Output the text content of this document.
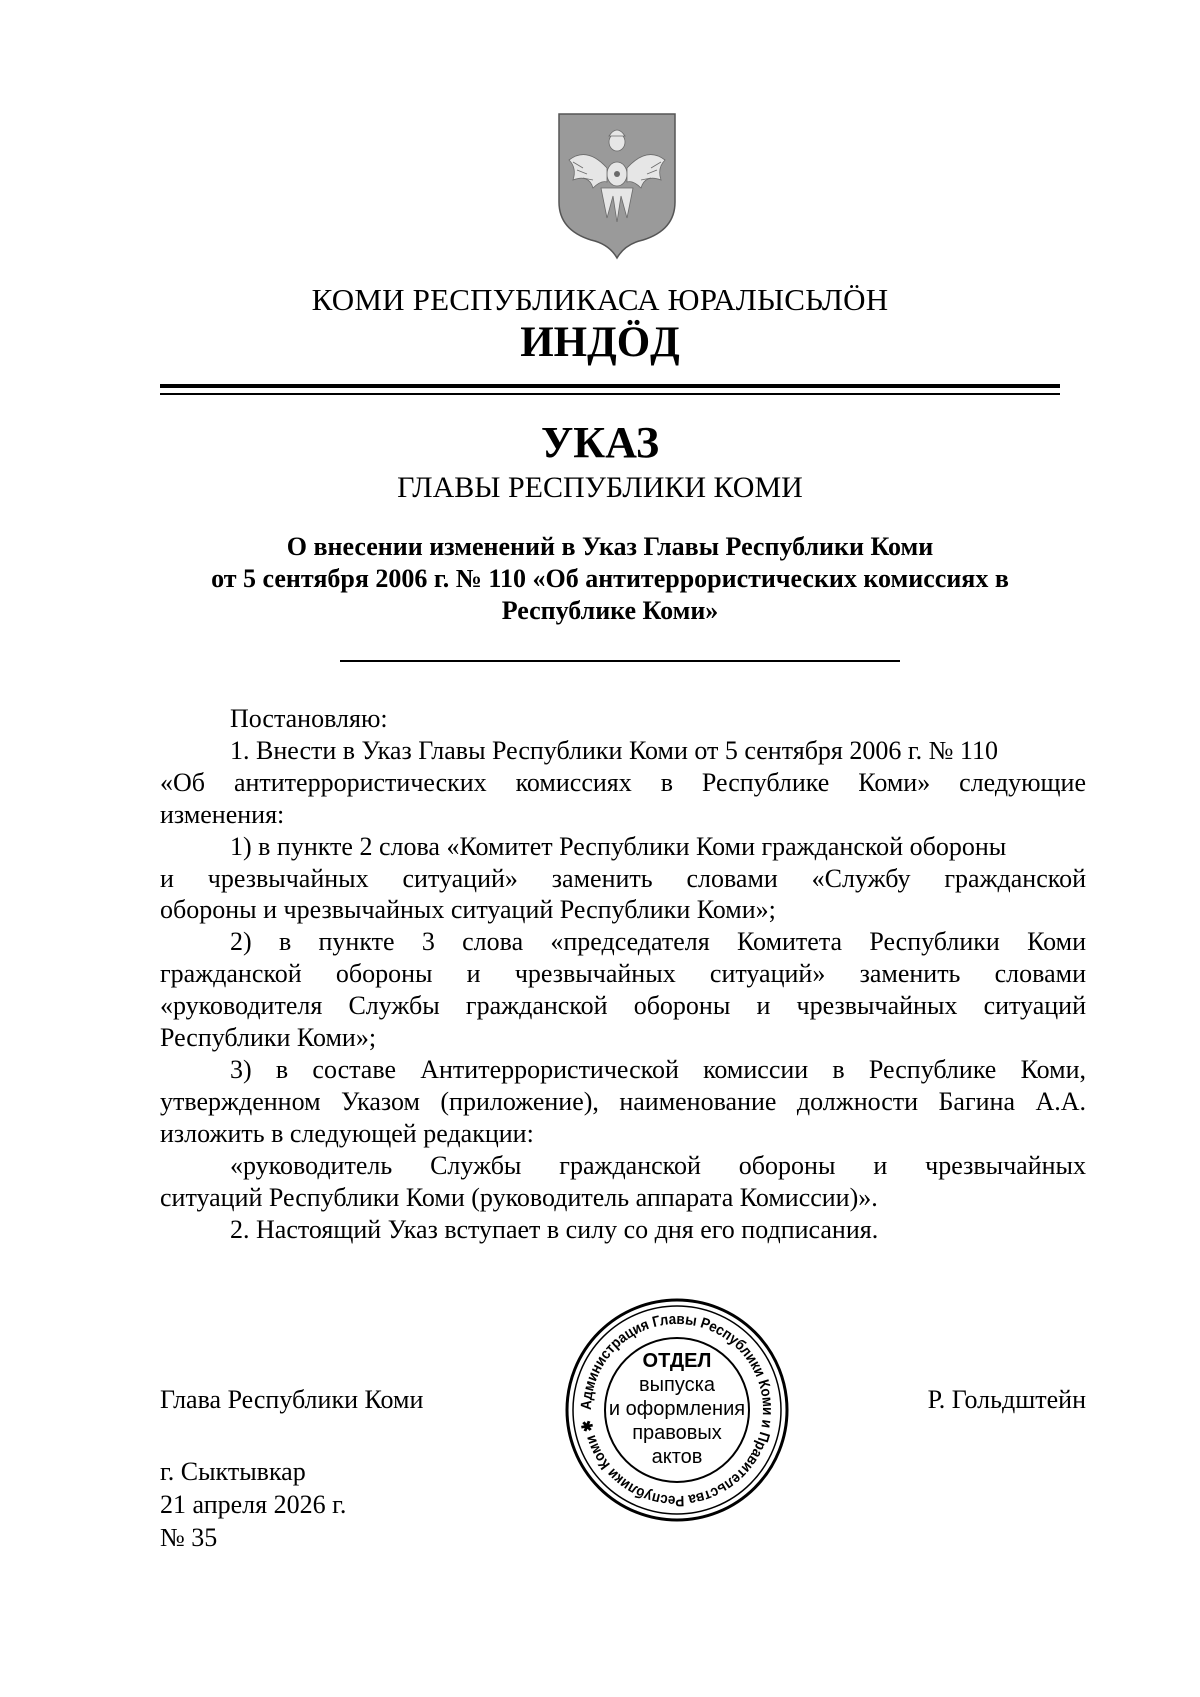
КОМИ РЕСПУБЛИКАСА ЮРАЛЫСЬЛӦН
ИНДӦД
УКАЗ
ГЛАВЫ РЕСПУБЛИКИ КОМИ
О внесении изменений в Указ Главы Республики Коми
от 5 сентября 2006 г. № 110 «Об антитеррористических комиссиях в
Республике Коми»
Постановляю:
1. Внести в Указ Главы Республики Коми от 5 сентября 2006 г. № 110
«Об антитеррористических комиссиях в Республике Коми» следующие
изменения:
1) в пункте 2 слова «Комитет Республики Коми гражданской обороны
и чрезвычайных ситуаций» заменить словами «Службу гражданской
обороны и чрезвычайных ситуаций Республики Коми»;
2) в пункте 3 слова «председателя Комитета Республики Коми
гражданской обороны и чрезвычайных ситуаций» заменить словами
«руководителя Службы гражданской обороны и чрезвычайных ситуаций
Республики Коми»;
3) в составе Антитеррористической комиссии в Республике Коми,
утвержденном Указом (приложение), наименование должности Багина А.А.
изложить в следующей редакции:
«руководитель Службы гражданской обороны и чрезвычайных
ситуаций Республики Коми (руководитель аппарата Комиссии)».
2. Настоящий Указ вступает в силу со дня его подписания.
Глава Республики Коми	Р. Гольдштейн
г. Сыктывкар
21 апреля 2026 г.
№ 35
Администрация Главы Республики Коми и Правительства Республики Коми ✱
ОТДЕЛ
выпуска
и оформления
правовых
актов
